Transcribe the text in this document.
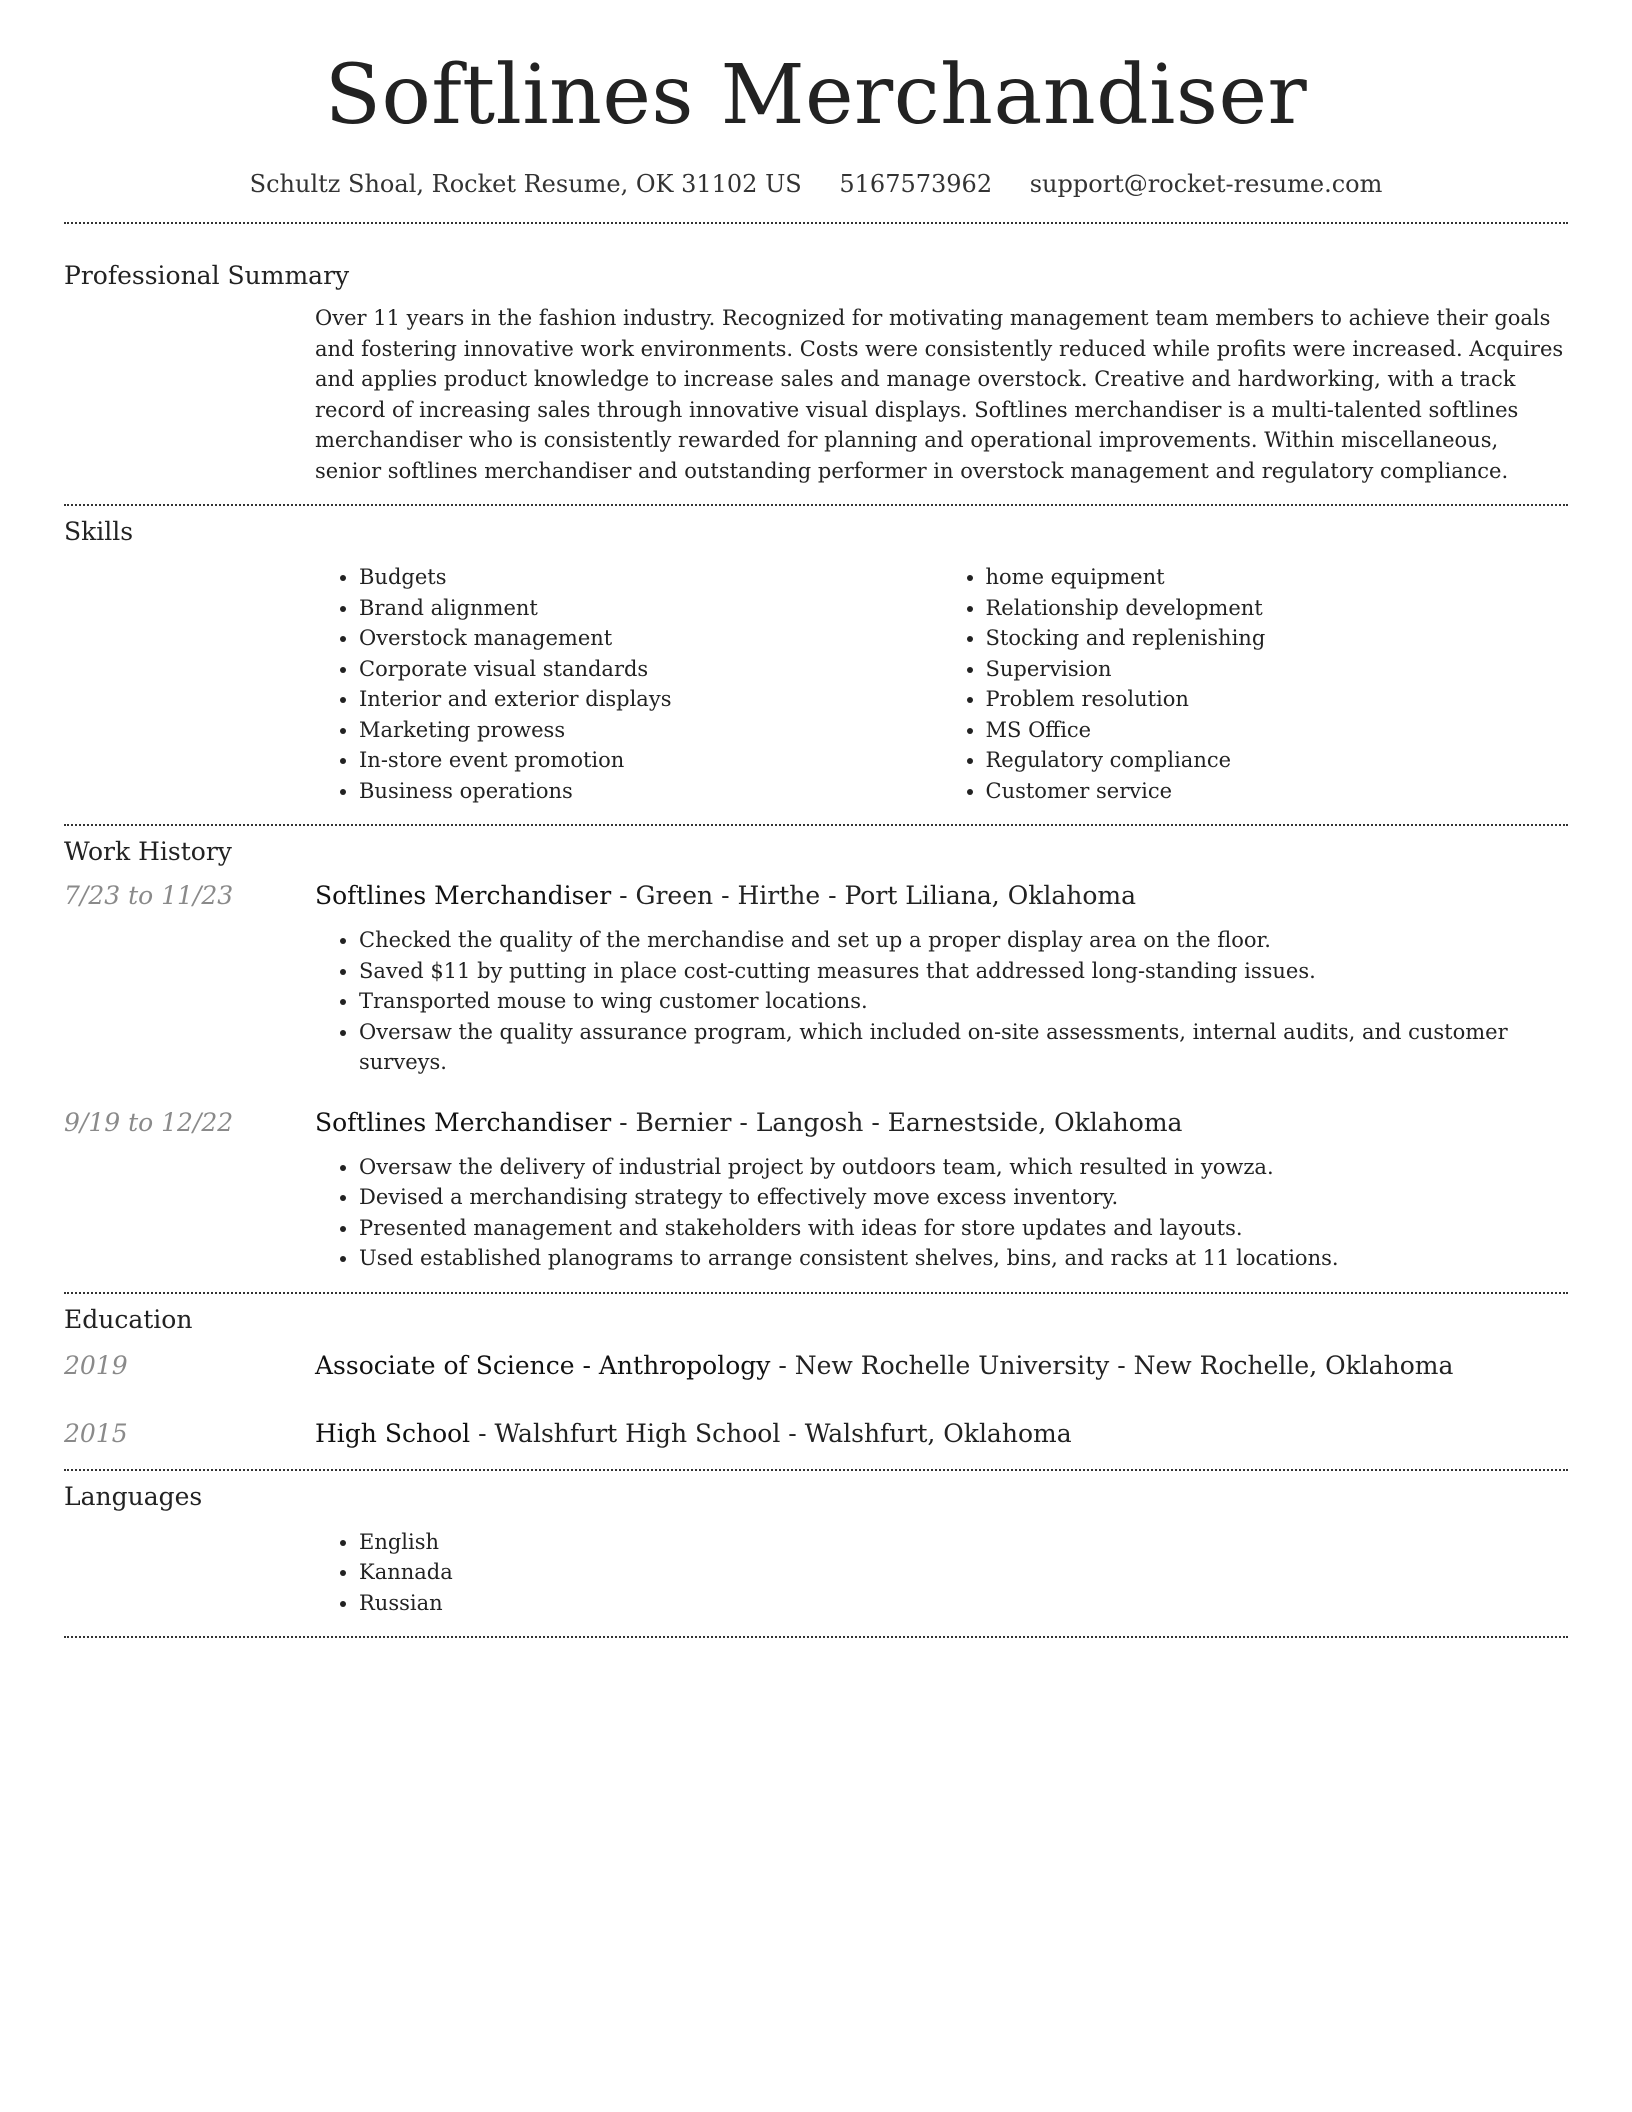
Softlines Merchandiser
Schultz Shoal, Rocket Resume, OK 31102 US 5167573962 support@rocket-resume.com
Professional Summary

Over 11 years in the fashion industry. Recognized for motivating management team members to achieve their goals and fostering innovative work environments. Costs were consistently reduced while profits were increased. Acquires and applies product knowledge to increase sales and manage overstock. Creative and hardworking, with a track record of increasing sales through innovative visual displays. Softlines merchandiser is a multi-talented softlines merchandiser who is consistently rewarded for planning and operational improvements. Within miscellaneous, senior softlines merchandiser and outstanding performer in overstock management and regulatory compliance.

Skills
• Budgets
• Brand alignment
• Overstock management
• Corporate visual standards
• Interior and exterior displays
• Marketing prowess
• In-store event promotion
• Business operations
• home equipment
• Relationship development
• Stocking and replenishing
• Supervision
• Problem resolution
• MS Office
• Regulatory compliance
• Customer service
Work History
7/23 to 11/23	Softlines Merchandiser - Green - Hirthe - Port Liliana, Oklahoma
• Checked the quality of the merchandise and set up a proper display area on the floor.
• Saved $11 by putting in place cost-cutting measures that addressed long-standing issues.
• Transported mouse to wing customer locations.
• Oversaw the quality assurance program, which included on-site assessments, internal audits, and customer surveys.
9/19 to 12/22	Softlines Merchandiser - Bernier - Langosh - Earnestside, Oklahoma
• Oversaw the delivery of industrial project by outdoors team, which resulted in yowza.
• Devised a merchandising strategy to effectively move excess inventory.
• Presented management and stakeholders with ideas for store updates and layouts.
• Used established planograms to arrange consistent shelves, bins, and racks at 11 locations.
Education
2019	Associate of Science - Anthropology - New Rochelle University - New Rochelle, Oklahoma
2015	High School - Walshfurt High School - Walshfurt, Oklahoma
Languages
• English
• Kannada
• Russian
